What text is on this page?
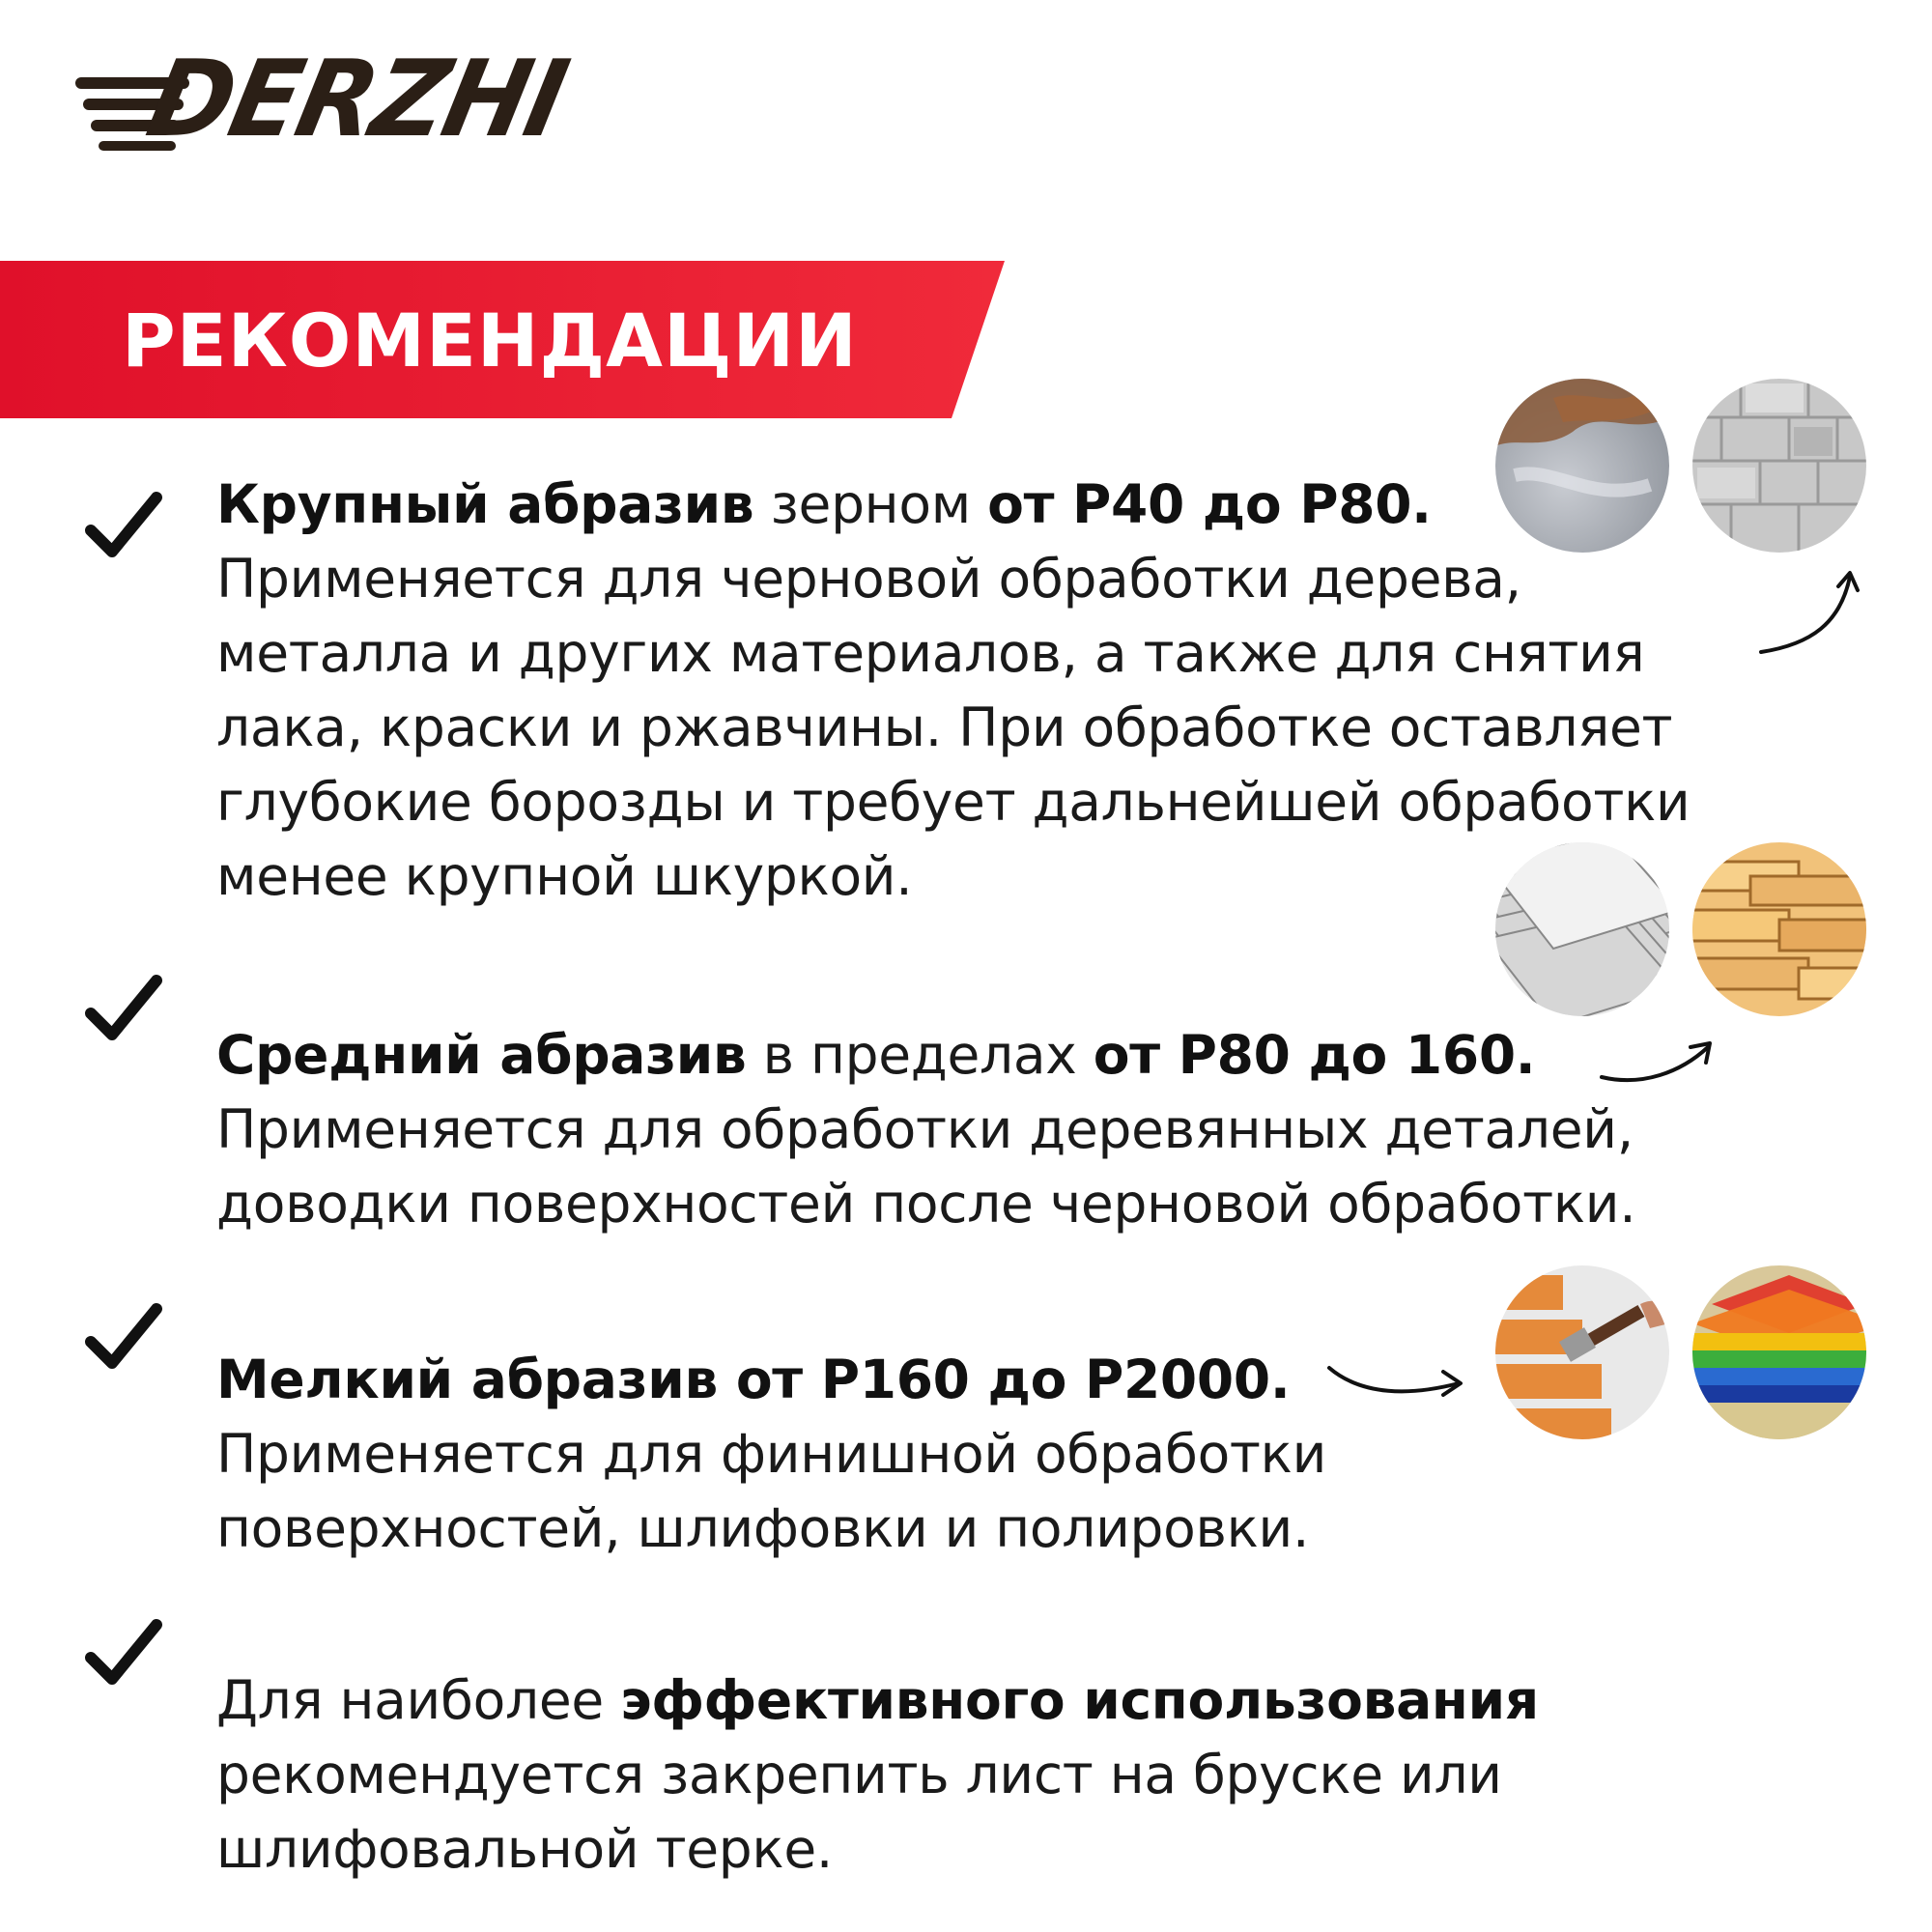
DERZHI
РЕКОМЕНДАЦИИ
Крупный абразив зерном от P40 до P80.
Применяется для черновой обработки дерева,
металла и других материалов, а также для снятия
лака, краски и ржавчины. При обработке оставляет
глубокие борозды и требует дальнейшей обработки
менее крупной шкуркой.
Средний абразив в пределах от P80 до 160.
Применяется для обработки деревянных деталей,
доводки поверхностей после черновой обработки.
Мелкий абразив от P160 до P2000.
Применяется для финишной обработки
поверхностей, шлифовки и полировки.
Для наиболее эффективного использования
рекомендуется закрепить лист на бруске или
шлифовальной терке.
